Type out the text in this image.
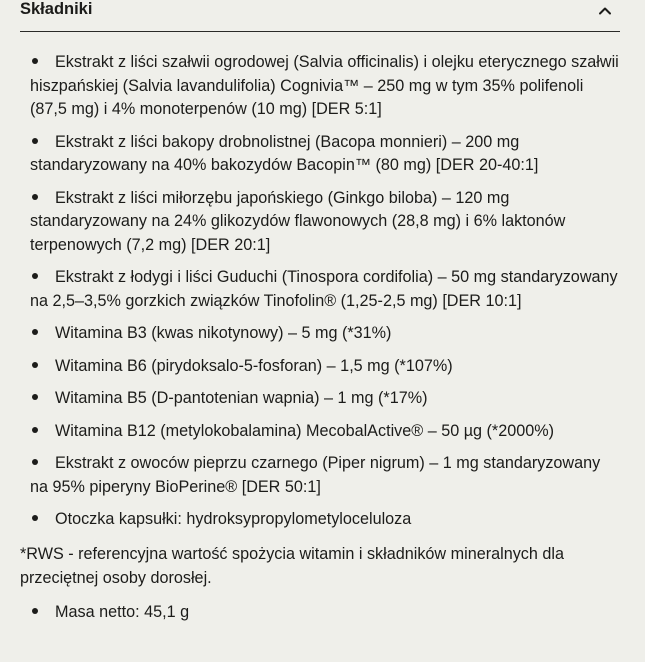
Składniki
Ekstrakt z liści szałwii ogrodowej (Salvia officinalis) i olejku eterycznego szałwii hiszpańskiej (Salvia lavandulifolia) Cognivia™ – 250 mg w tym 35% polifenoli (87,5 mg) i 4% monoterpenów (10 mg) [DER 5:1]
Ekstrakt z liści bakopy drobnolistnej (Bacopa monnieri) – 200 mg standaryzowany na 40% bakozydów Bacopin™ (80 mg) [DER 20-40:1]
Ekstrakt z liści miłorzębu japońskiego (Ginkgo biloba) – 120 mg standaryzowany na 24% glikozydów flawonowych (28,8 mg) i 6% laktonów terpenowych (7,2 mg) [DER 20:1]
Ekstrakt z łodygi i liści Guduchi (Tinospora cordifolia) – 50 mg standaryzowany na 2,5–3,5% gorzkich związków Tinofolin® (1,25-2,5 mg) [DER 10:1]
Witamina B3 (kwas nikotynowy) – 5 mg (*31%)
Witamina B6 (pirydoksalo-5-fosforan) – 1,5 mg (*107%)
Witamina B5 (D-pantotenian wapnia) – 1 mg (*17%)
Witamina B12 (metylokobalamina) MecobalActive® – 50 µg (*2000%)
Ekstrakt z owoców pieprzu czarnego (Piper nigrum) – 1 mg standaryzowany na 95% piperyny BioPerine® [DER 50:1]
Otoczka kapsułki: hydroksypropylometyloceluloza

*RWS - referencyjna wartość spożycia witamin i składników mineralnych dla przeciętnej osoby dorosłej.

Masa netto: 45,1 g
